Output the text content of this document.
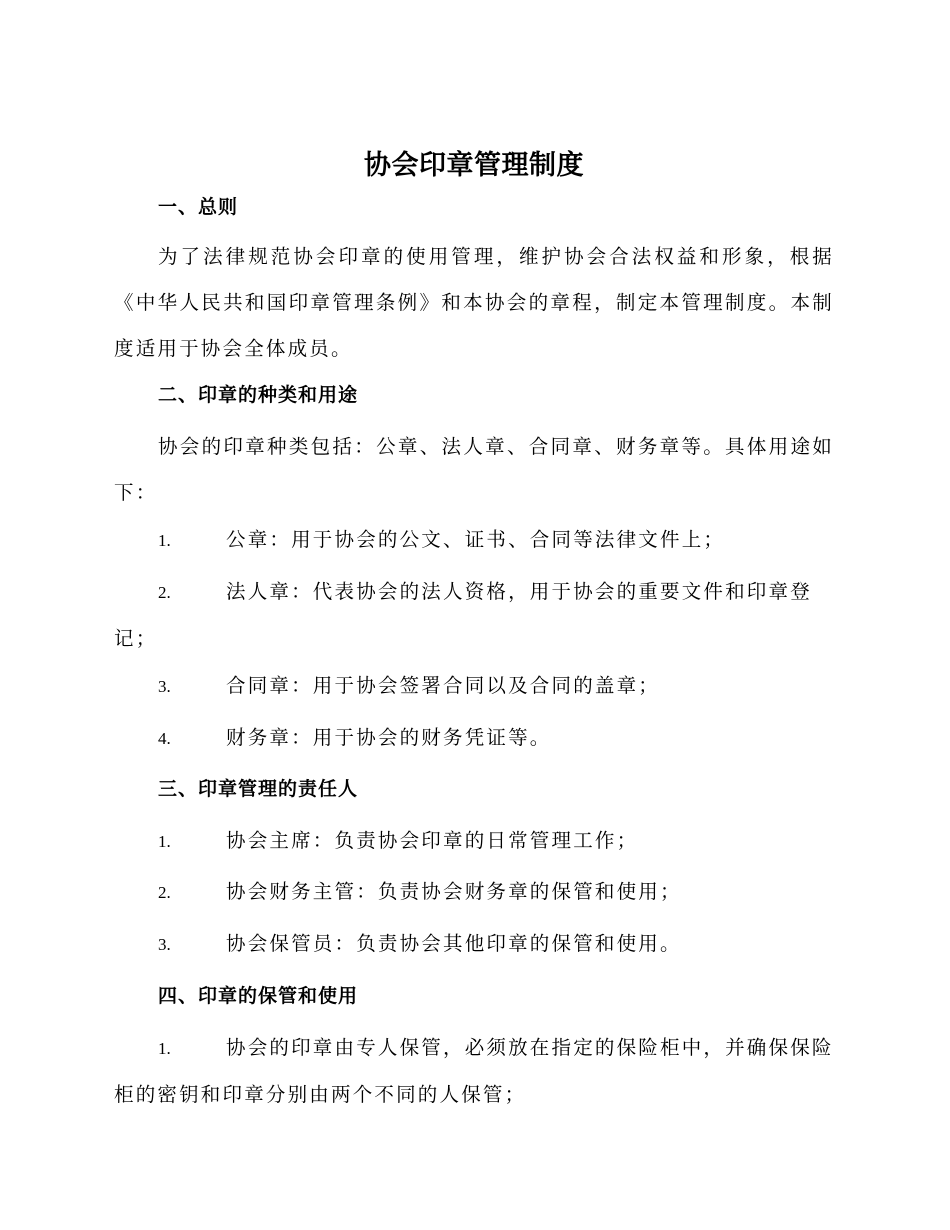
协会印章管理制度
一、总则

为了法律规范协会印章的使用管理，维护协会合法权益和形象，根据《中华人民共和国印章管理条例》和本协会的章程，制定本管理制度。本制度适用于协会全体成员。

二、印章的种类和用途

协会的印章种类包括：公章、法人章、合同章、财务章等。具体用途如下：

1.	公章：用于协会的公文、证书、合同等法律文件上；

2.	法人章：代表协会的法人资格，用于协会的重要文件和印章登记；

3.	合同章：用于协会签署合同以及合同的盖章；

4.	财务章：用于协会的财务凭证等。

三、印章管理的责任人

1.	协会主席：负责协会印章的日常管理工作；

2.	协会财务主管：负责协会财务章的保管和使用；

3.	协会保管员：负责协会其他印章的保管和使用。

四、印章的保管和使用

1.	协会的印章由专人保管，必须放在指定的保险柜中，并确保保险柜的密钥和印章分别由两个不同的人保管；
